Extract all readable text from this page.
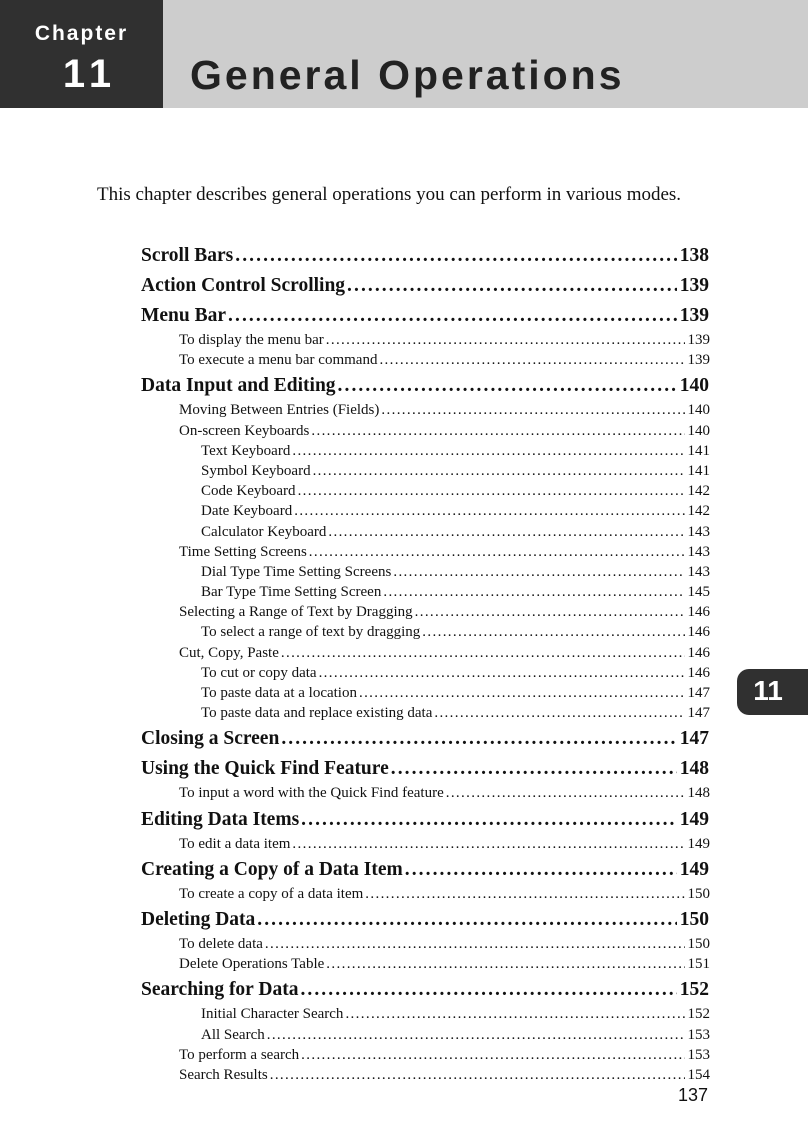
Chapter
11	General Operations
This chapter describes general operations you can perform in various modes.
Scroll Bars . . .	138
Action Control Scrolling . . .	139
Menu Bar . . .	139
To display the menu bar . . .	139
To execute a menu bar command . . .	139
Data Input and Editing . . .	140
Moving Between Entries (Fields) . . .	140
On-screen Keyboards . . .	140
Text Keyboard . . .	141
Symbol Keyboard . . .	141
Code Keyboard . . .	142
Date Keyboard . . .	142
Calculator Keyboard . . .	143
Time Setting Screens . . .	143
Dial Type Time Setting Screens . . .	143
Bar Type Time Setting Screen . . .	145
Selecting a Range of Text by Dragging . . .	146
To select a range of text by dragging . . .	146
Cut, Copy, Paste . . .	146
To cut or copy data . . .	146
To paste data at a location . . .	147
To paste data and replace existing data . . .	147
Closing a Screen . . .	147
Using the Quick Find Feature . . .	148
To input a word with the Quick Find feature . . .	148
Editing Data Items . . .	149
To edit a data item . . .	149
Creating a Copy of a Data Item . . .	149
To create a copy of a data item . . .	150
Deleting Data . . .	150
To delete data . . .	150
Delete Operations Table . . .	151
Searching for Data . . .	152
Initial Character Search . . .	152
All Search . . .	153
To perform a search . . .	153
Search Results . . .	154
11
137
